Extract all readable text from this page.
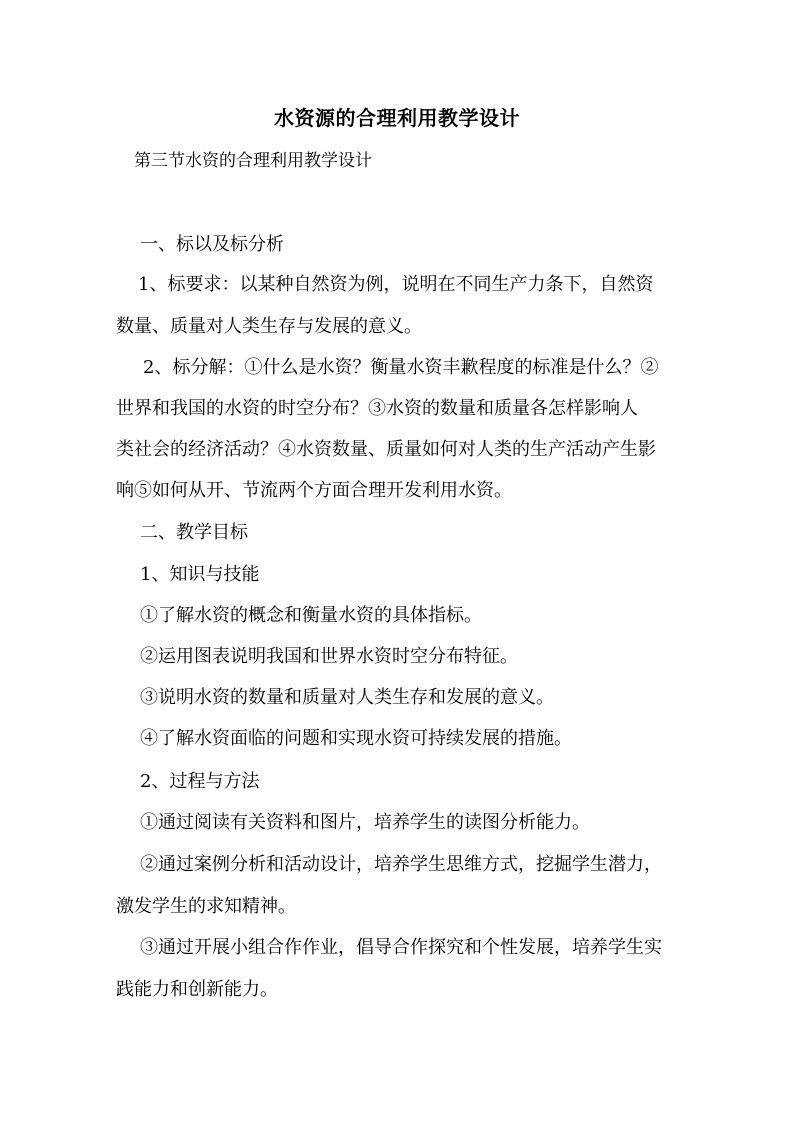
水资源的合理利用教学设计
第三节水资的合理利用教学设计
一、标以及标分析
1、标要求：以某种自然资为例，说明在不同生产力条下，自然资
数量、质量对人类生存与发展的意义。
2、标分解：①什么是水资？衡量水资丰歉程度的标准是什么？②
世界和我国的水资的时空分布？③水资的数量和质量各怎样影响人
类社会的经济活动？④水资数量、质量如何对人类的生产活动产生影
响⑤如何从开、节流两个方面合理开发利用水资。
二、教学目标
1、知识与技能
①了解水资的概念和衡量水资的具体指标。
②运用图表说明我国和世界水资时空分布特征。
③说明水资的数量和质量对人类生存和发展的意义。
④了解水资面临的问题和实现水资可持续发展的措施。
2、过程与方法
①通过阅读有关资料和图片，培养学生的读图分析能力。
②通过案例分析和活动设计，培养学生思维方式，挖掘学生潜力，
激发学生的求知精神。
③通过开展小组合作作业，倡导合作探究和个性发展，培养学生实
践能力和创新能力。
